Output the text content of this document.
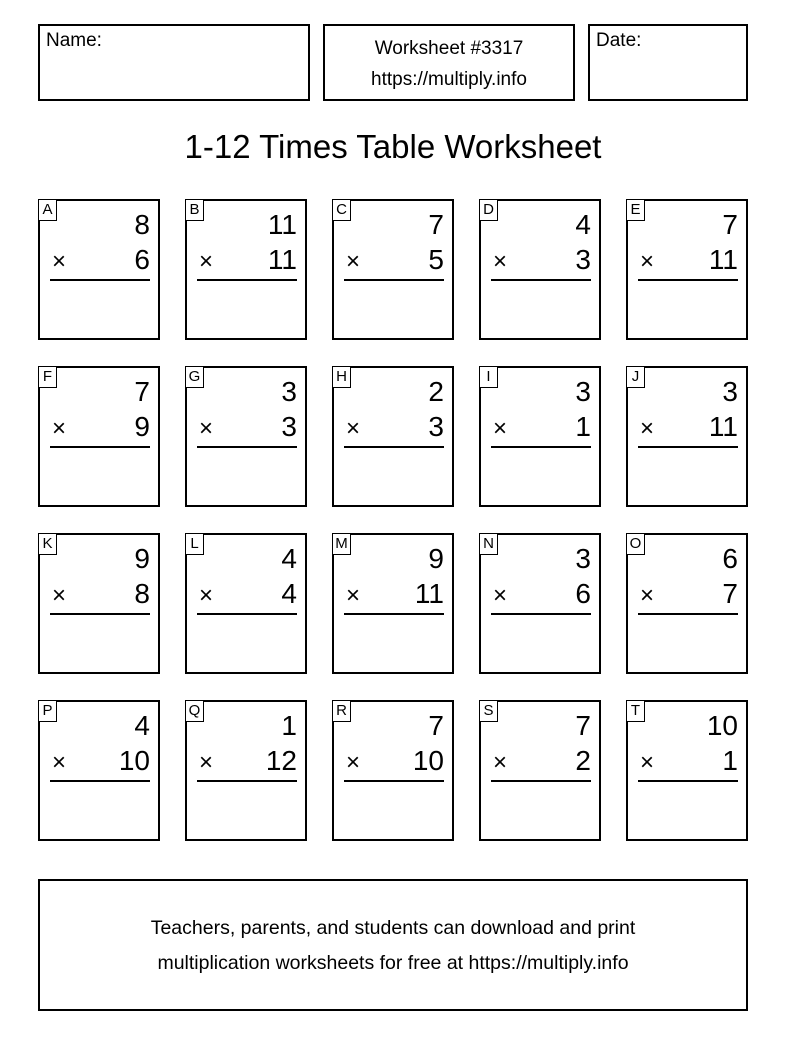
Name:	Worksheet #3317
https://multiply.info
Date:
1-12 Times Table Worksheet
A	8
× 6
B 11
× 11
C	7
× 5
D	4
× 3
E	7
× 11
F	7
× 9
G	3
× 3
H	2
× 3
I	3
× 1
J	3
× 11
K	9
× 8
L	4
× 4
M	9
× 11
N	3
× 6
O	6
× 7
P	4
× 10
Q	1
× 12
R	7
× 10
S	7
× 2
T 10
× 1
Teachers, parents, and students can download and print
multiplication worksheets for free at https://multiply.info
